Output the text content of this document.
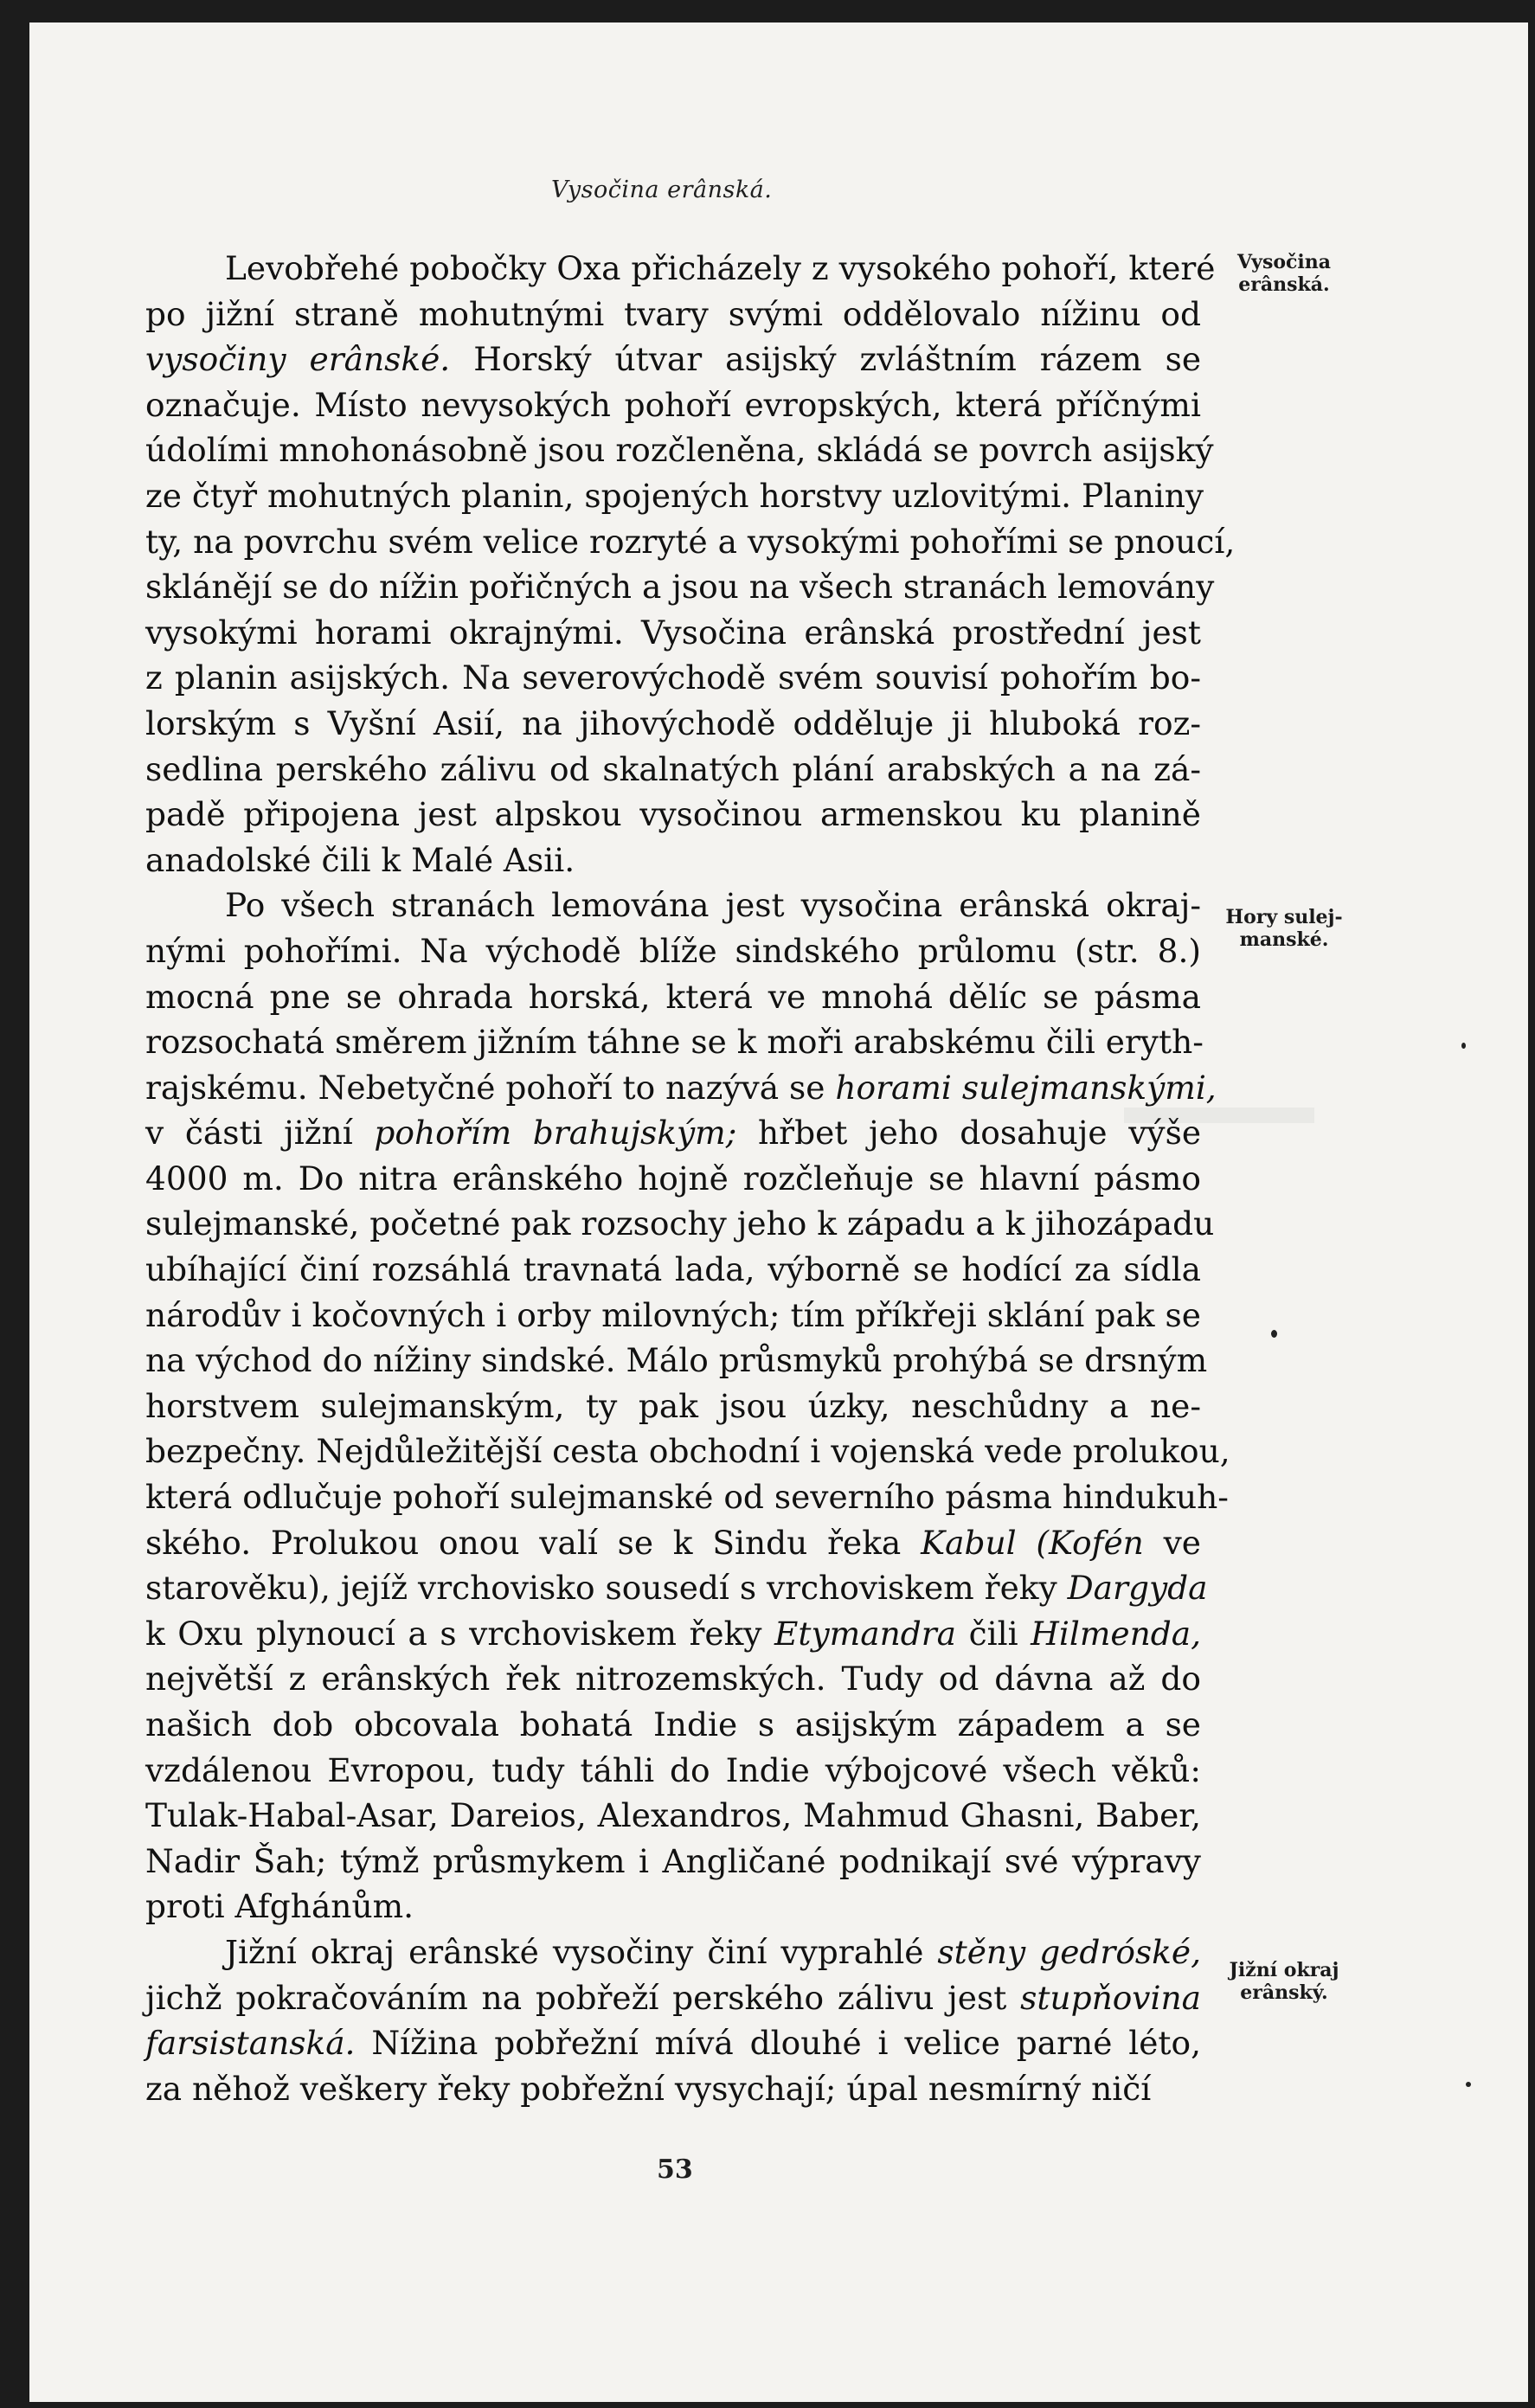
Vysočina erânská.
Levobřehé pobočky Oxa přicházely z vysokého pohoří, které
po jižní straně mohutnými tvary svými oddělovalo nížinu od
vysočiny erânské. Horský útvar asijský zvláštním rázem se
označuje. Místo nevysokých pohoří evropských, která příčnými
údolími mnohonásobně jsou rozčleněna, skládá se povrch asijský
ze čtyř mohutných planin, spojených horstvy uzlovitými. Planiny
ty, na povrchu svém velice rozryté a vysokými pohořími se pnoucí,
sklánějí se do nížin pořičných a jsou na všech stranách lemovány
vysokými horami okrajnými. Vysočina erânská prostřední jest
z planin asijských. Na severovýchodě svém souvisí pohořím bo-
lorským s Vyšní Asií, na jihovýchodě odděluje ji hluboká roz-
sedlina perského zálivu od skalnatých plání arabských a na zá-
padě připojena jest alpskou vysočinou armenskou ku planině
anadolské čili k Malé Asii.
Po všech stranách lemována jest vysočina erânská okraj-
nými pohořími. Na východě blíže sindského průlomu (str. 8.)
mocná pne se ohrada horská, která ve mnohá dělíc se pásma
rozsochatá směrem jižním táhne se k moři arabskému čili eryth-
rajskému. Nebetyčné pohoří to nazývá se horami sulejmanskými,
v části jižní pohořím brahujským; hřbet jeho dosahuje výše
4000 m. Do nitra erânského hojně rozčleňuje se hlavní pásmo
sulejmanské, početné pak rozsochy jeho k západu a k jihozápadu
ubíhající činí rozsáhlá travnatá lada, výborně se hodící za sídla
národův i kočovných i orby milovných; tím příkřeji sklání pak se
na východ do nížiny sindské. Málo průsmyků prohýbá se drsným
horstvem sulejmanským, ty pak jsou úzky, neschůdny a ne-
bezpečny. Nejdůležitější cesta obchodní i vojenská vede prolukou,
která odlučuje pohoří sulejmanské od severního pásma hindukuh-
ského. Prolukou onou valí se k Sindu řeka Kabul (Kofén ve
starověku), jejíž vrchovisko sousedí s vrchoviskem řeky Dargyda
k Oxu plynoucí a s vrchoviskem řeky Etymandra čili Hilmenda,
největší z erânských řek nitrozemských. Tudy od dávna až do
našich dob obcovala bohatá Indie s asijským západem a se
vzdálenou Evropou, tudy táhli do Indie výbojcové všech věků:
Tulak-Habal-Asar, Dareios, Alexandros, Mahmud Ghasni, Baber,
Nadir Šah; týmž průsmykem i Angličané podnikají své výpravy
proti Afghánům.
Jižní okraj erânské vysočiny činí vyprahlé stěny gedróské,
jichž pokračováním na pobřeží perského zálivu jest stupňovina
farsistanská. Nížina pobřežní mívá dlouhé i velice parné léto,
za něhož veškery řeky pobřežní vysychají; úpal nesmírný ničí
Vysočina
erânská.
Hory sulej-
manské.
Jižní okraj
erânský.
53
